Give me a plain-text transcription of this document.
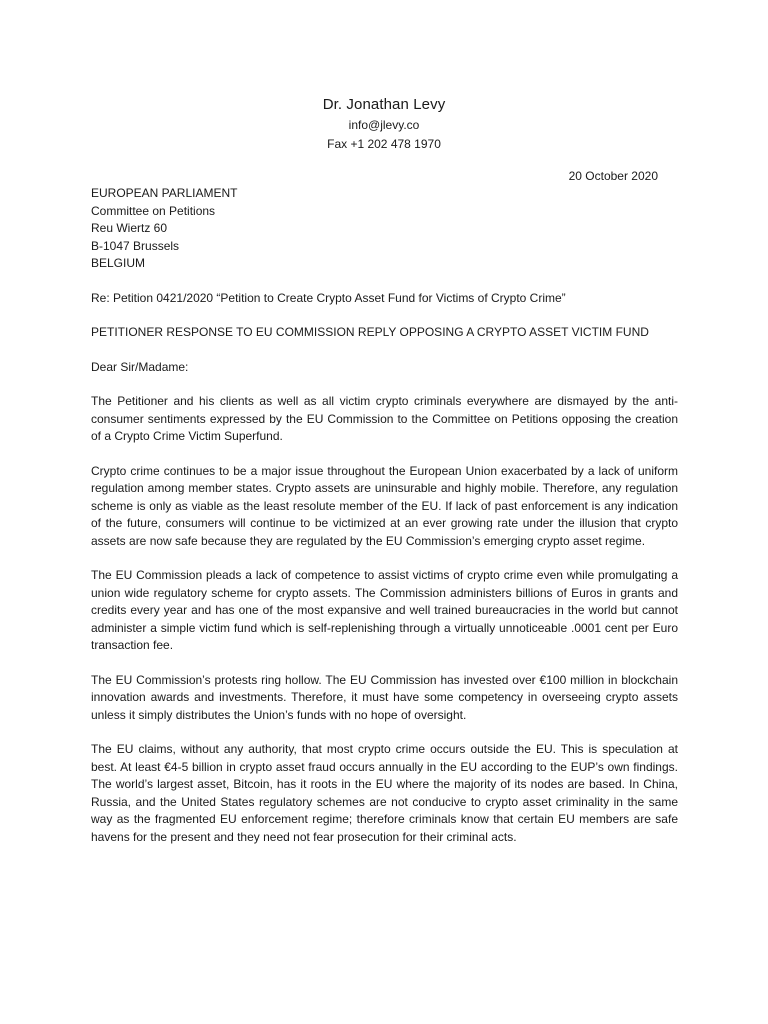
Dr. Jonathan Levy
info@jlevy.co
Fax +1 202 478 1970
20 October 2020
EUROPEAN PARLIAMENT
Committee on Petitions
Reu Wiertz 60
B-1047 Brussels
BELGIUM
Re: Petition 0421/2020 “Petition to Create Crypto Asset Fund for Victims of Crypto Crime”
PETITIONER RESPONSE TO EU COMMISSION REPLY OPPOSING A CRYPTO ASSET VICTIM FUND
Dear Sir/Madame:
The Petitioner and his clients as well as all victim crypto criminals everywhere are dismayed by the anti-consumer sentiments expressed by the EU Commission to the Committee on Petitions opposing the creation of a Crypto Crime Victim Superfund.
Crypto crime continues to be a major issue throughout the European Union exacerbated by a lack of uniform regulation among member states. Crypto assets are uninsurable and highly mobile. Therefore, any regulation scheme is only as viable as the least resolute member of the EU. If lack of past enforcement is any indication of the future, consumers will continue to be victimized at an ever growing rate under the illusion that crypto assets are now safe because they are regulated by the EU Commission’s emerging crypto asset regime.
The EU Commission pleads a lack of competence to assist victims of crypto crime even while promulgating a union wide regulatory scheme for crypto assets. The Commission administers billions of Euros in grants and credits every year and has one of the most expansive and well trained bureaucracies in the world but cannot administer a simple victim fund which is self-replenishing through a virtually unnoticeable .0001 cent per Euro transaction fee.
The EU Commission’s protests ring hollow. The EU Commission has invested over €100 million in blockchain innovation awards and investments. Therefore, it must have some competency in overseeing crypto assets unless it simply distributes the Union’s funds with no hope of oversight.
The EU claims, without any authority, that most crypto crime occurs outside the EU. This is speculation at best. At least €4-5 billion in crypto asset fraud occurs annually in the EU according to the EUP’s own findings. The world’s largest asset, Bitcoin, has it roots in the EU where the majority of its nodes are based. In China, Russia, and the United States regulatory schemes are not conducive to crypto asset criminality in the same way as the fragmented EU enforcement regime; therefore criminals know that certain EU members are safe havens for the present and they need not fear prosecution for their criminal acts.
